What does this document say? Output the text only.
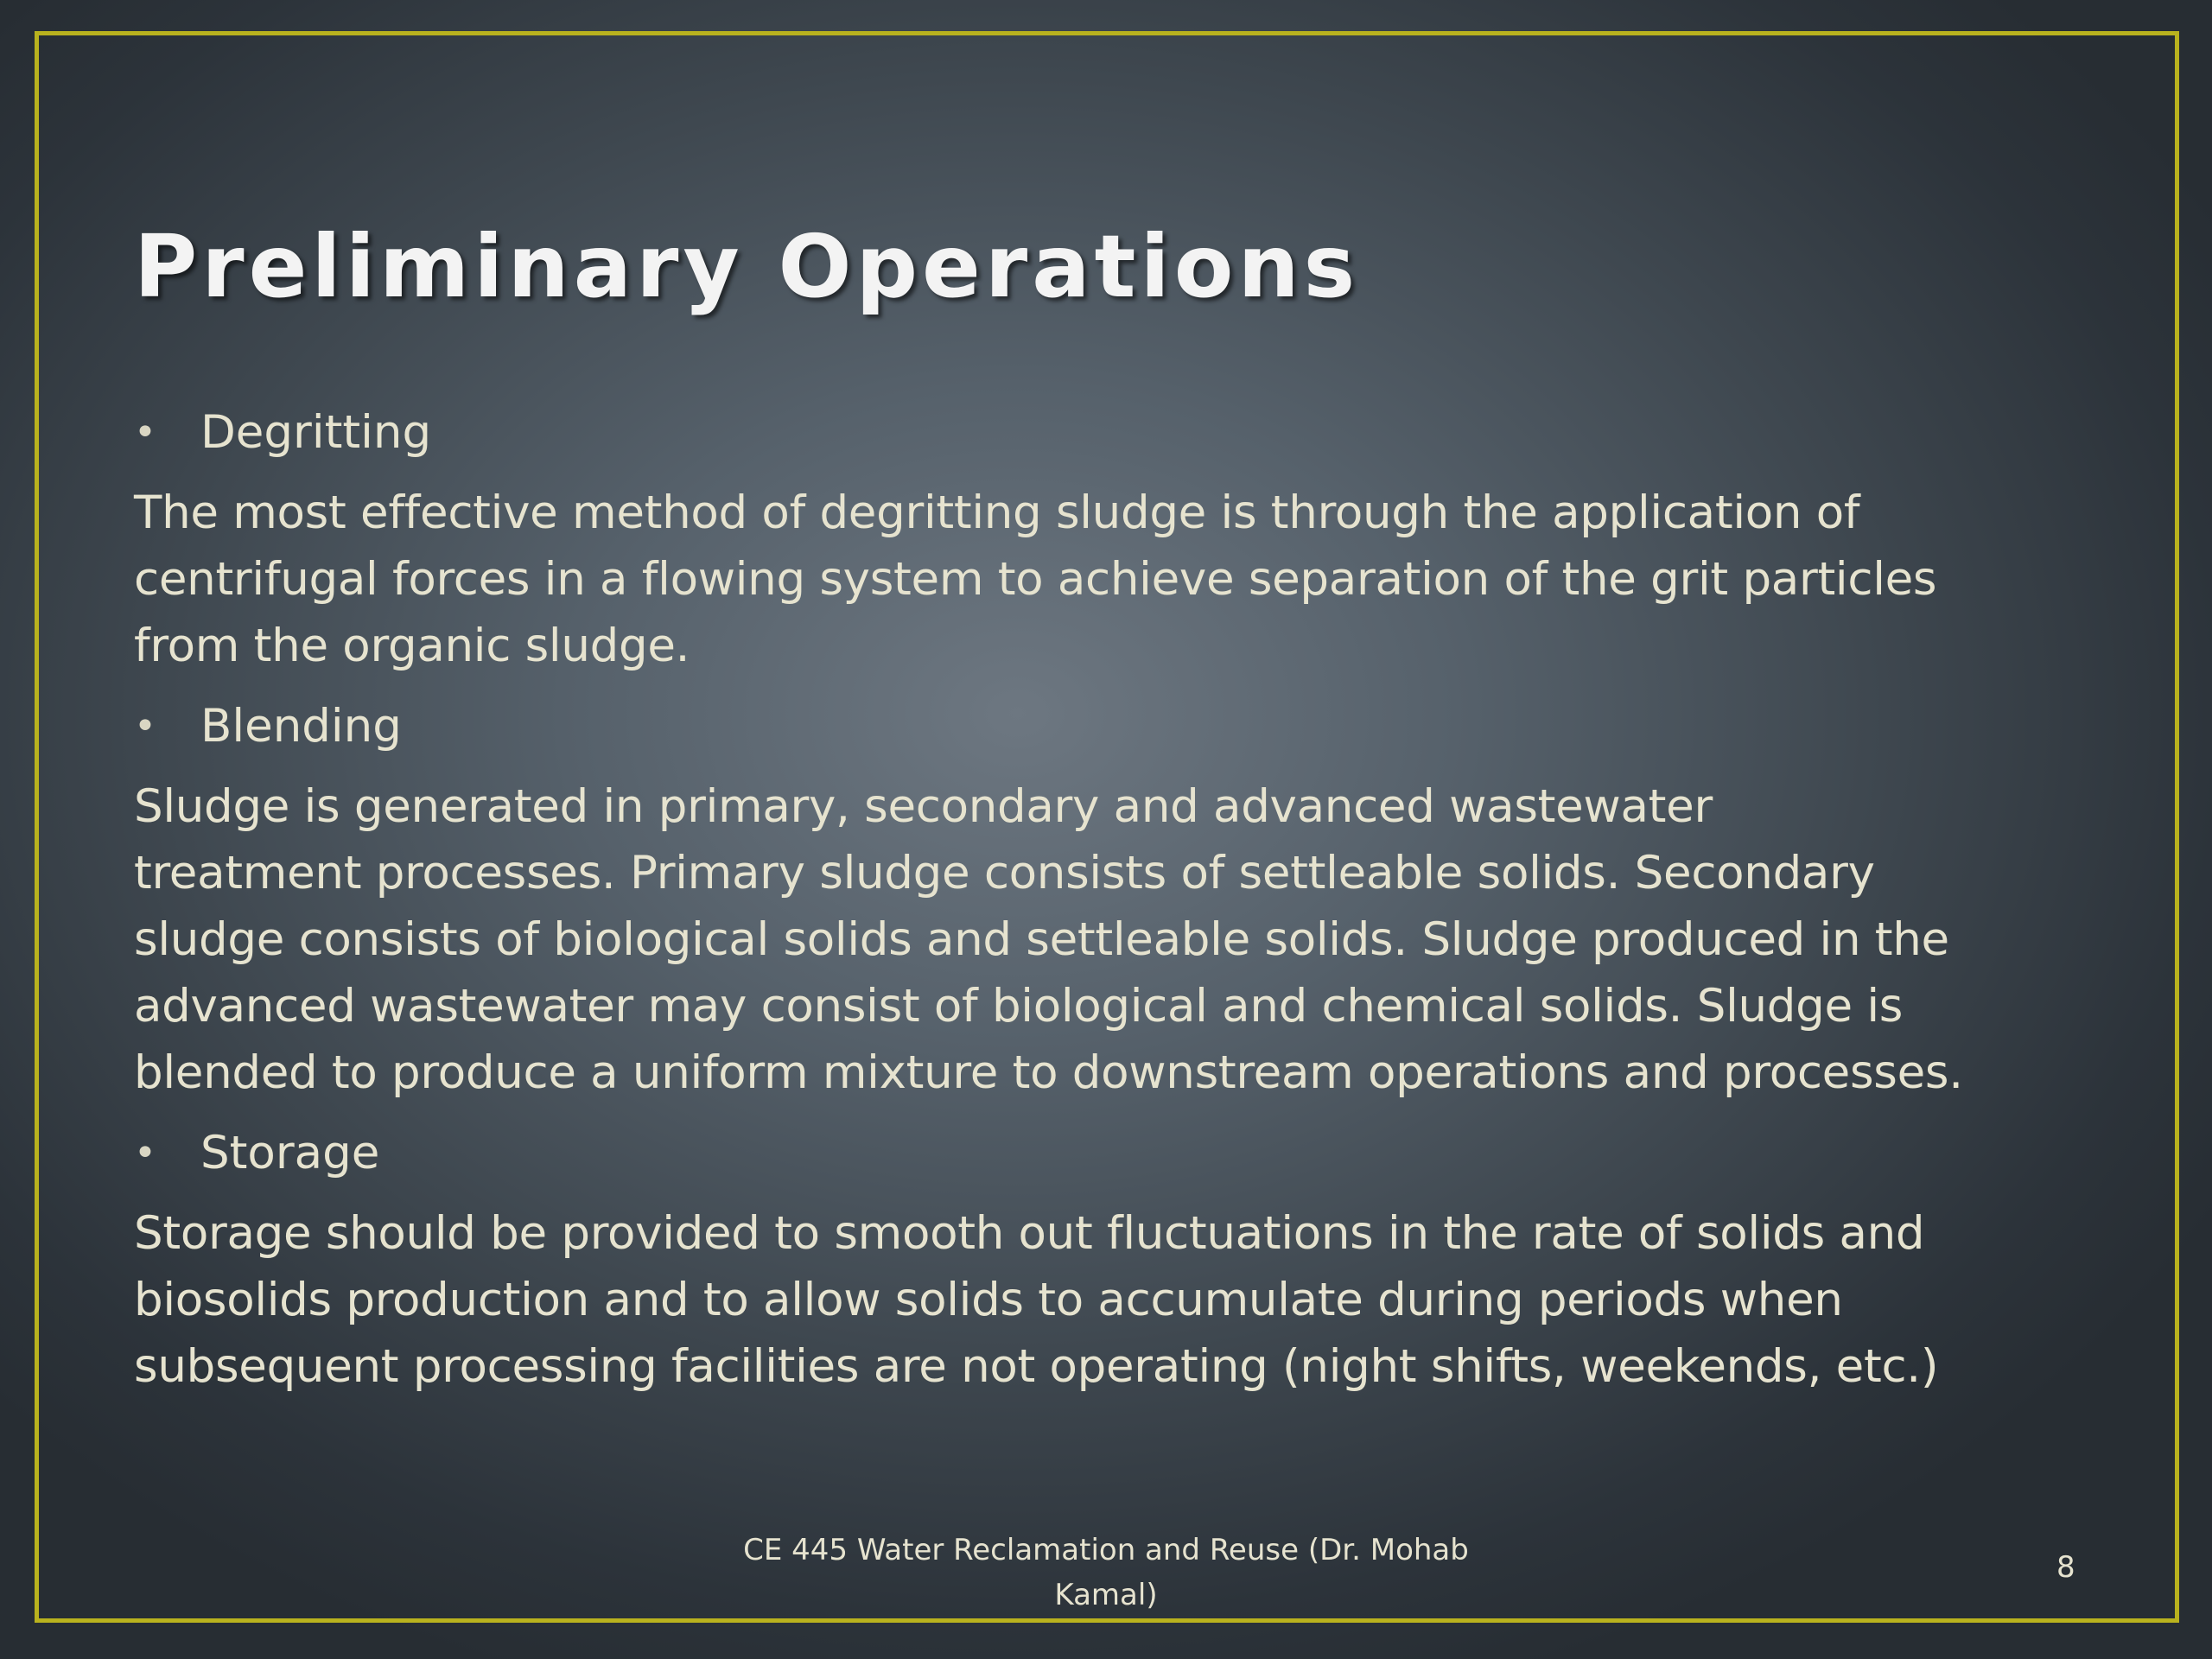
Preliminary Operations
• Degritting

The most effective method of degritting sludge is through the application of
centrifugal forces in a flowing system to achieve separation of the grit particles
from the organic sludge.

• Blending

Sludge is generated in primary, secondary and advanced wastewater
treatment processes. Primary sludge consists of settleable solids. Secondary
sludge consists of biological solids and settleable solids. Sludge produced in the
advanced wastewater may consist of biological and chemical solids. Sludge is
blended to produce a uniform mixture to downstream operations and processes.

• Storage

Storage should be provided to smooth out fluctuations in the rate of solids and
biosolids production and to allow solids to accumulate during periods when
subsequent processing facilities are not operating (night shifts, weekends, etc.)

CE 445 Water Reclamation and Reuse (Dr. Mohab Kamal)
8
